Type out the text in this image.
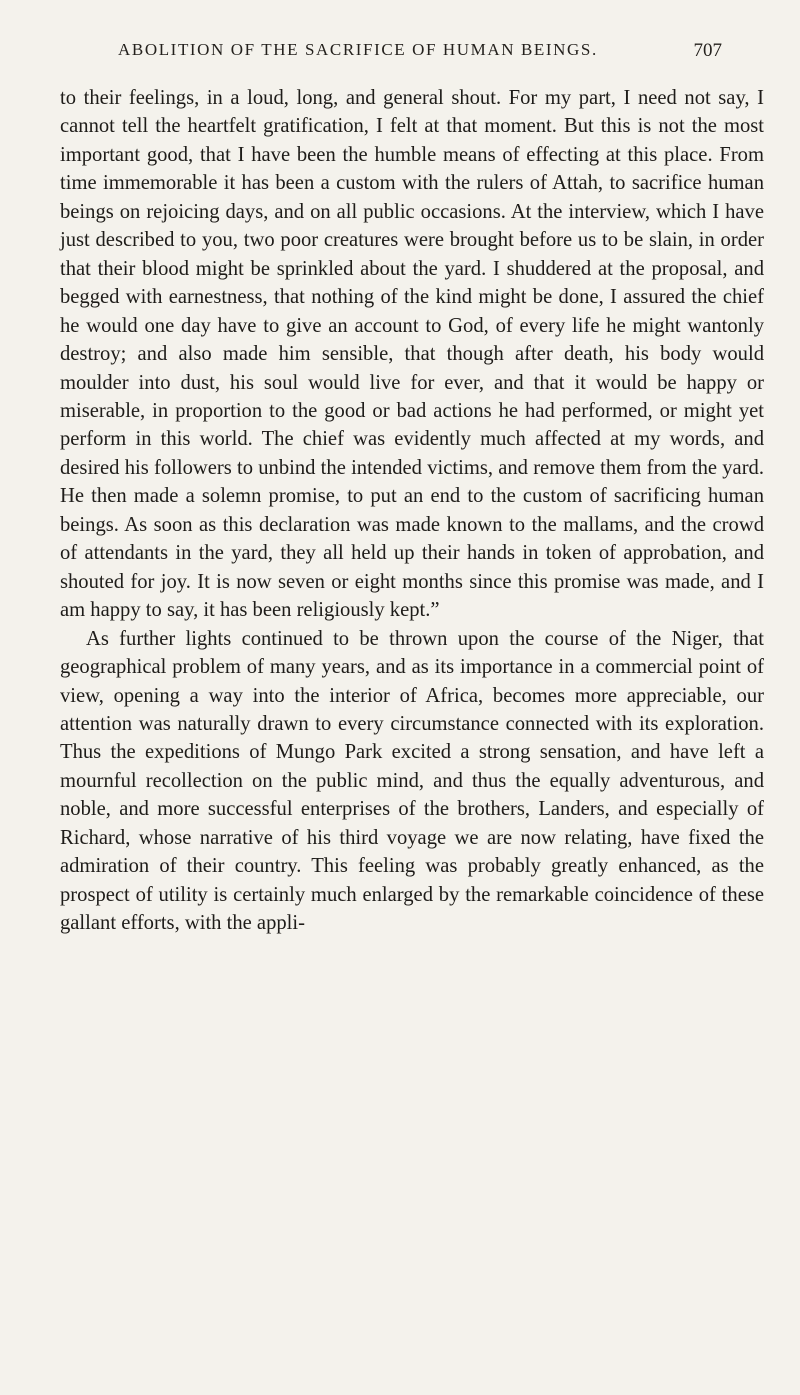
ABOLITION OF THE SACRIFICE OF HUMAN BEINGS.	707

to their feelings, in a loud, long, and general shout. For my part, I need not say, I cannot tell the heartfelt gratification, I felt at that moment. But this is not the most important good, that I have been the humble means of effecting at this place. From time immemorable it has been a custom with the rulers of Attah, to sacrifice human beings on rejoicing days, and on all public occasions. At the interview, which I have just described to you, two poor creatures were brought before us to be slain, in order that their blood might be sprinkled about the yard. I shuddered at the proposal, and begged with earnestness, that nothing of the kind might be done, I assured the chief he would one day have to give an account to God, of every life he might wantonly destroy; and also made him sensible, that though after death, his body would moulder into dust, his soul would live for ever, and that it would be happy or miserable, in proportion to the good or bad actions he had performed, or might yet perform in this world. The chief was evidently much affected at my words, and desired his followers to unbind the intended victims, and remove them from the yard. He then made a solemn promise, to put an end to the custom of sacrificing human beings. As soon as this declaration was made known to the mallams, and the crowd of attendants in the yard, they all held up their hands in token of approbation, and shouted for joy. It is now seven or eight months since this promise was made, and I am happy to say, it has been religiously kept.”

As further lights continued to be thrown upon the course of the Niger, that geographical problem of many years, and as its importance in a commercial point of view, opening a way into the interior of Africa, becomes more appreciable, our attention was naturally drawn to every circumstance connected with its exploration. Thus the expeditions of Mungo Park excited a strong sensation, and have left a mournful recollection on the public mind, and thus the equally adventurous, and noble, and more successful enterprises of the brothers, Landers, and especially of Richard, whose narrative of his third voyage we are now relating, have fixed the admiration of their country. This feeling was probably greatly enhanced, as the prospect of utility is certainly much enlarged by the remarkable coincidence of these gallant efforts, with the appli-
